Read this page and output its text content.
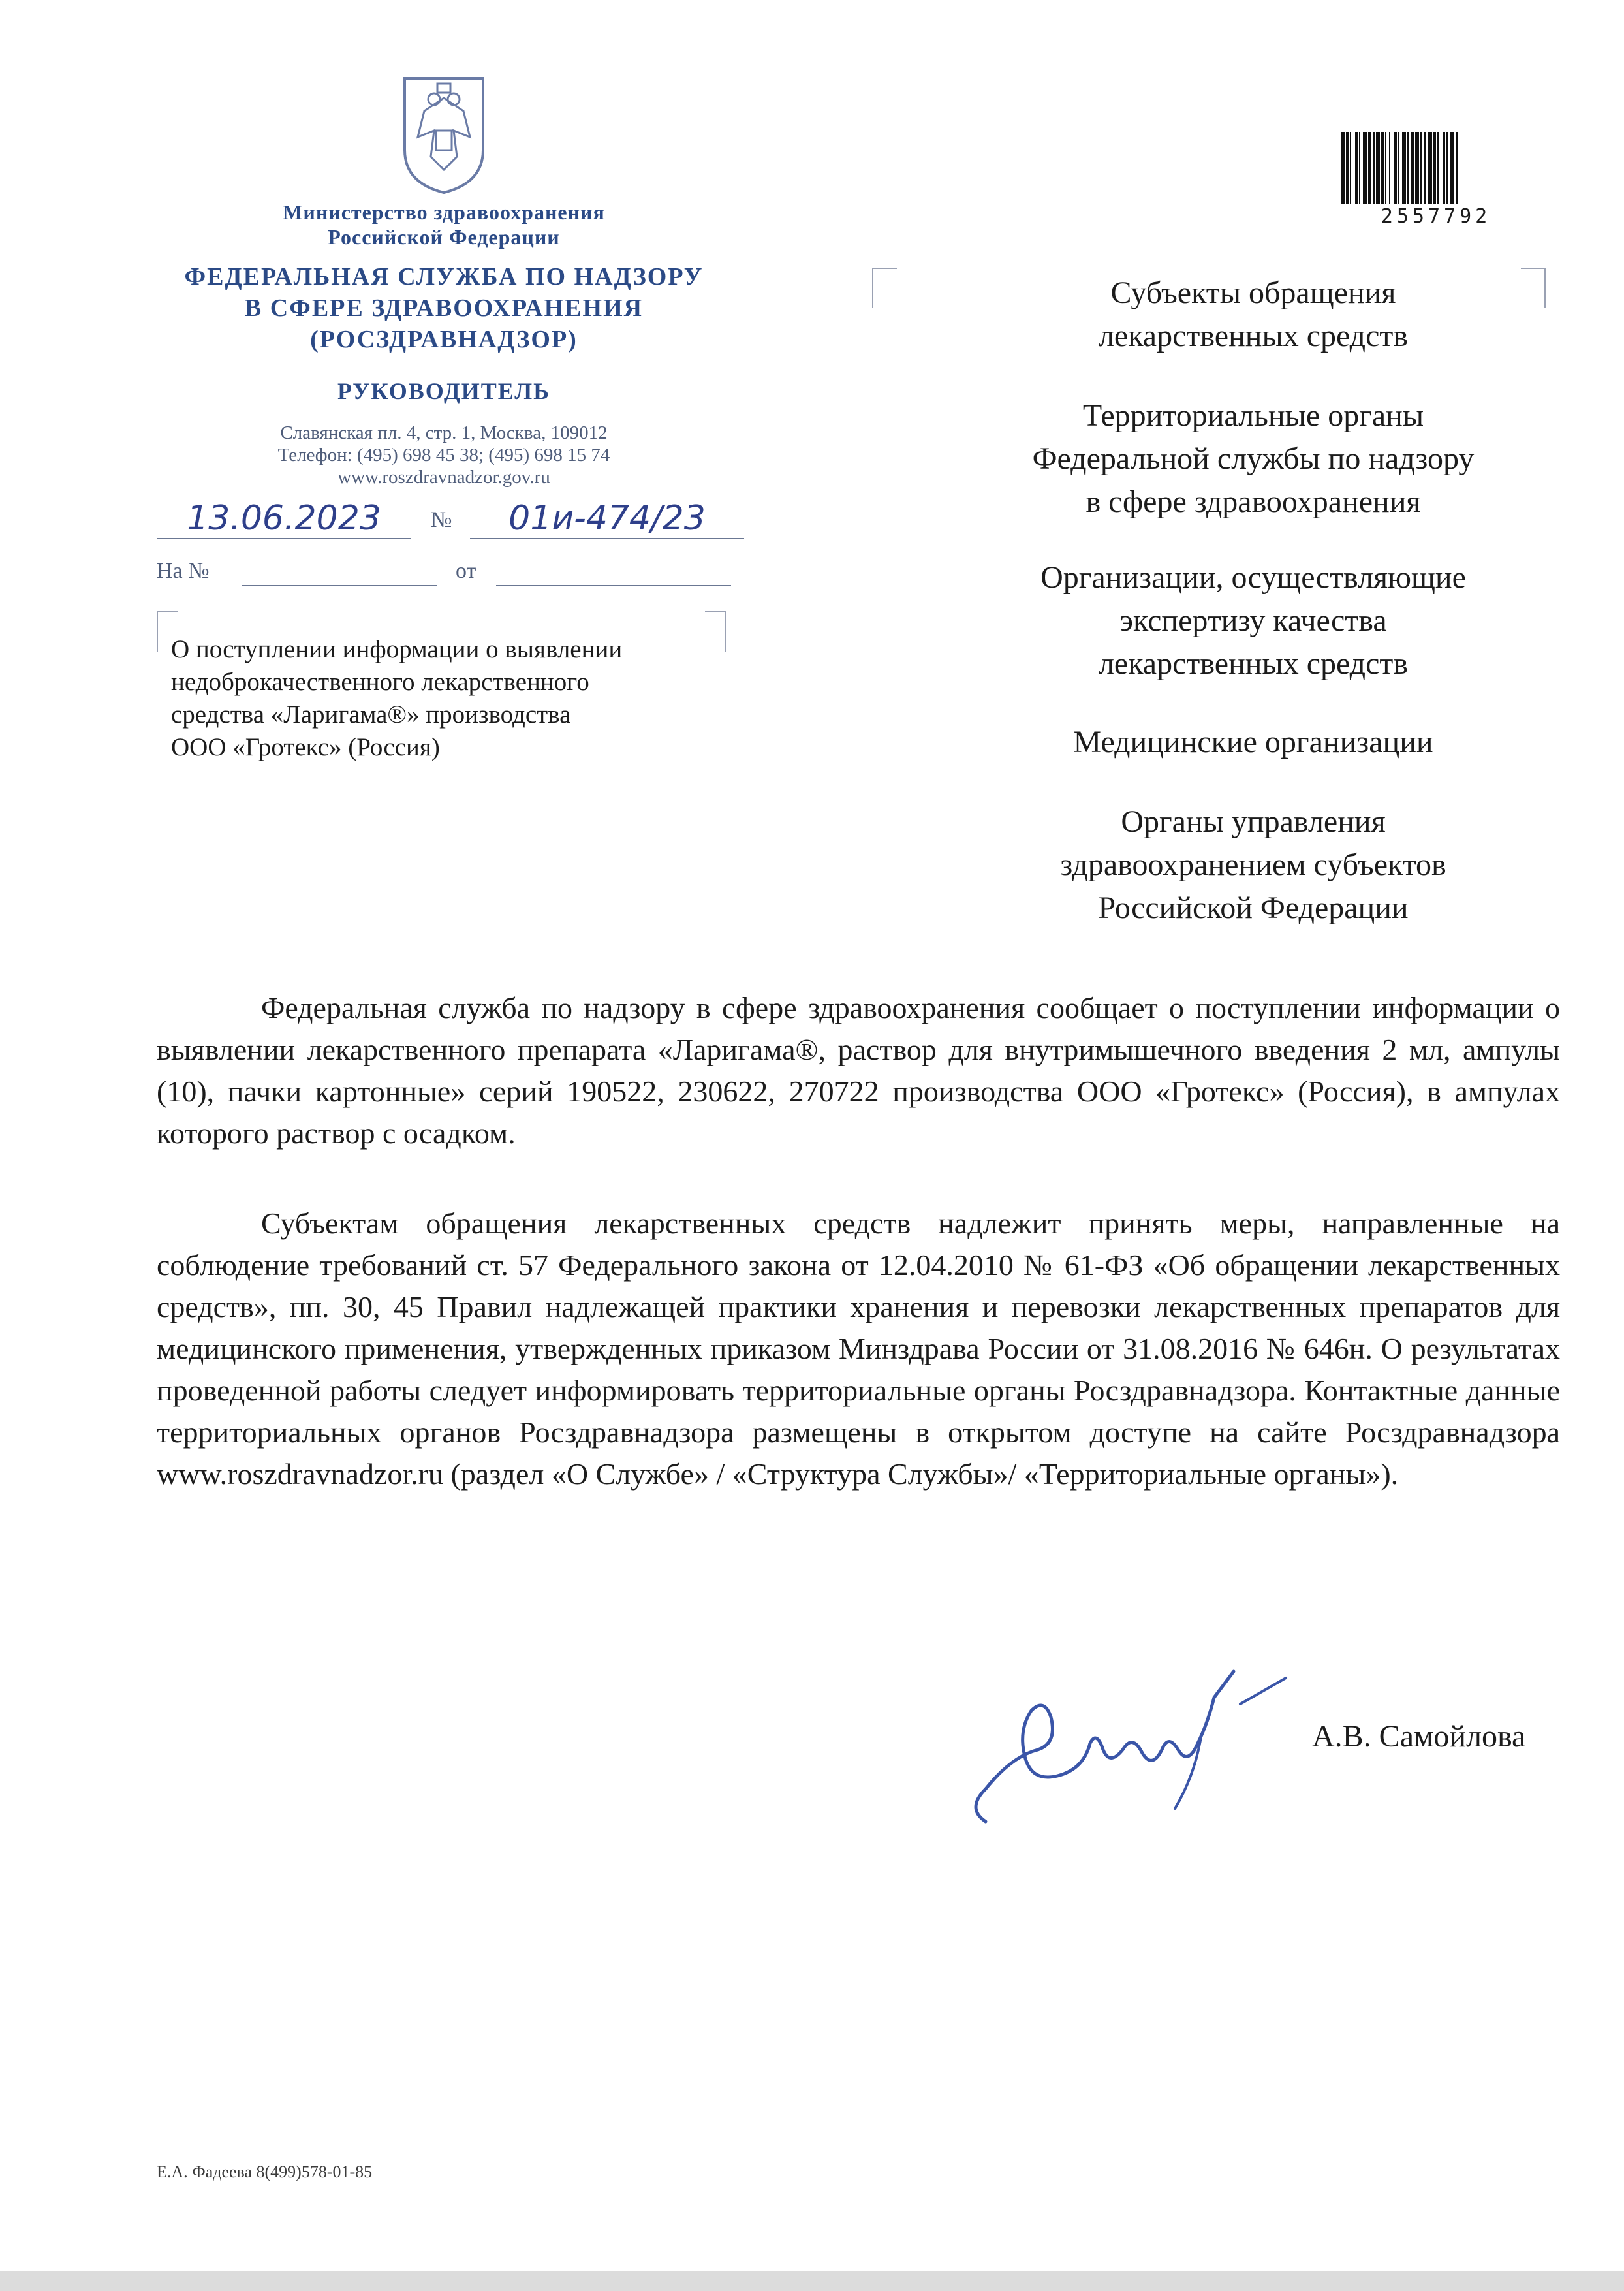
Министерство здравоохранения
Российской Федерации
ФЕДЕРАЛЬНАЯ СЛУЖБА ПО НАДЗОРУ
В СФЕРЕ ЗДРАВООХРАНЕНИЯ
(РОСЗДРАВНАДЗОР)
РУКОВОДИТЕЛЬ
Славянская пл. 4, стр. 1, Москва, 109012
Телефон: (495) 698 45 38; (495) 698 15 74
www.roszdravnadzor.gov.ru
13.06.2023	№	01и-474/23
На №	от
О поступлении информации о выявлении
недоброкачественного лекарственного
средства «Ларигама®» производства
ООО «Гротекс» (Россия)
2557792
Субъекты обращения
лекарственных средств
Территориальные органы
Федеральной службы по надзору
в сфере здравоохранения
Организации, осуществляющие
экспертизу качества
лекарственных средств
Медицинские организации
Органы управления
здравоохранением субъектов
Российской Федерации
Федеральная служба по надзору в сфере здравоохранения сообщает о поступлении информации о выявлении лекарственного препарата «Ларигама®, раствор для внутримышечного введения 2 мл, ампулы (10), пачки картонные» серий 190522, 230622, 270722 производства ООО «Гротекс» (Россия), в ампулах которого раствор с осадком.
Субъектам обращения лекарственных средств надлежит принять меры, направленные на соблюдение требований ст. 57 Федерального закона от 12.04.2010 № 61-ФЗ «Об обращении лекарственных средств», пп. 30, 45 Правил надлежащей практики хранения и перевозки лекарственных препаратов для медицинского применения, утвержденных приказом Минздрава России от 31.08.2016 № 646н. О результатах проведенной работы следует информировать территориальные органы Росздравнадзора. Контактные данные территориальных органов Росздравнадзора размещены в открытом доступе на сайте Росздравнадзора www.roszdravnadzor.ru (раздел «О Службе» / «Структура Службы»/ «Территориальные органы»).
А.В. Самойлова
Е.А. Фадеева 8(499)578-01-85
